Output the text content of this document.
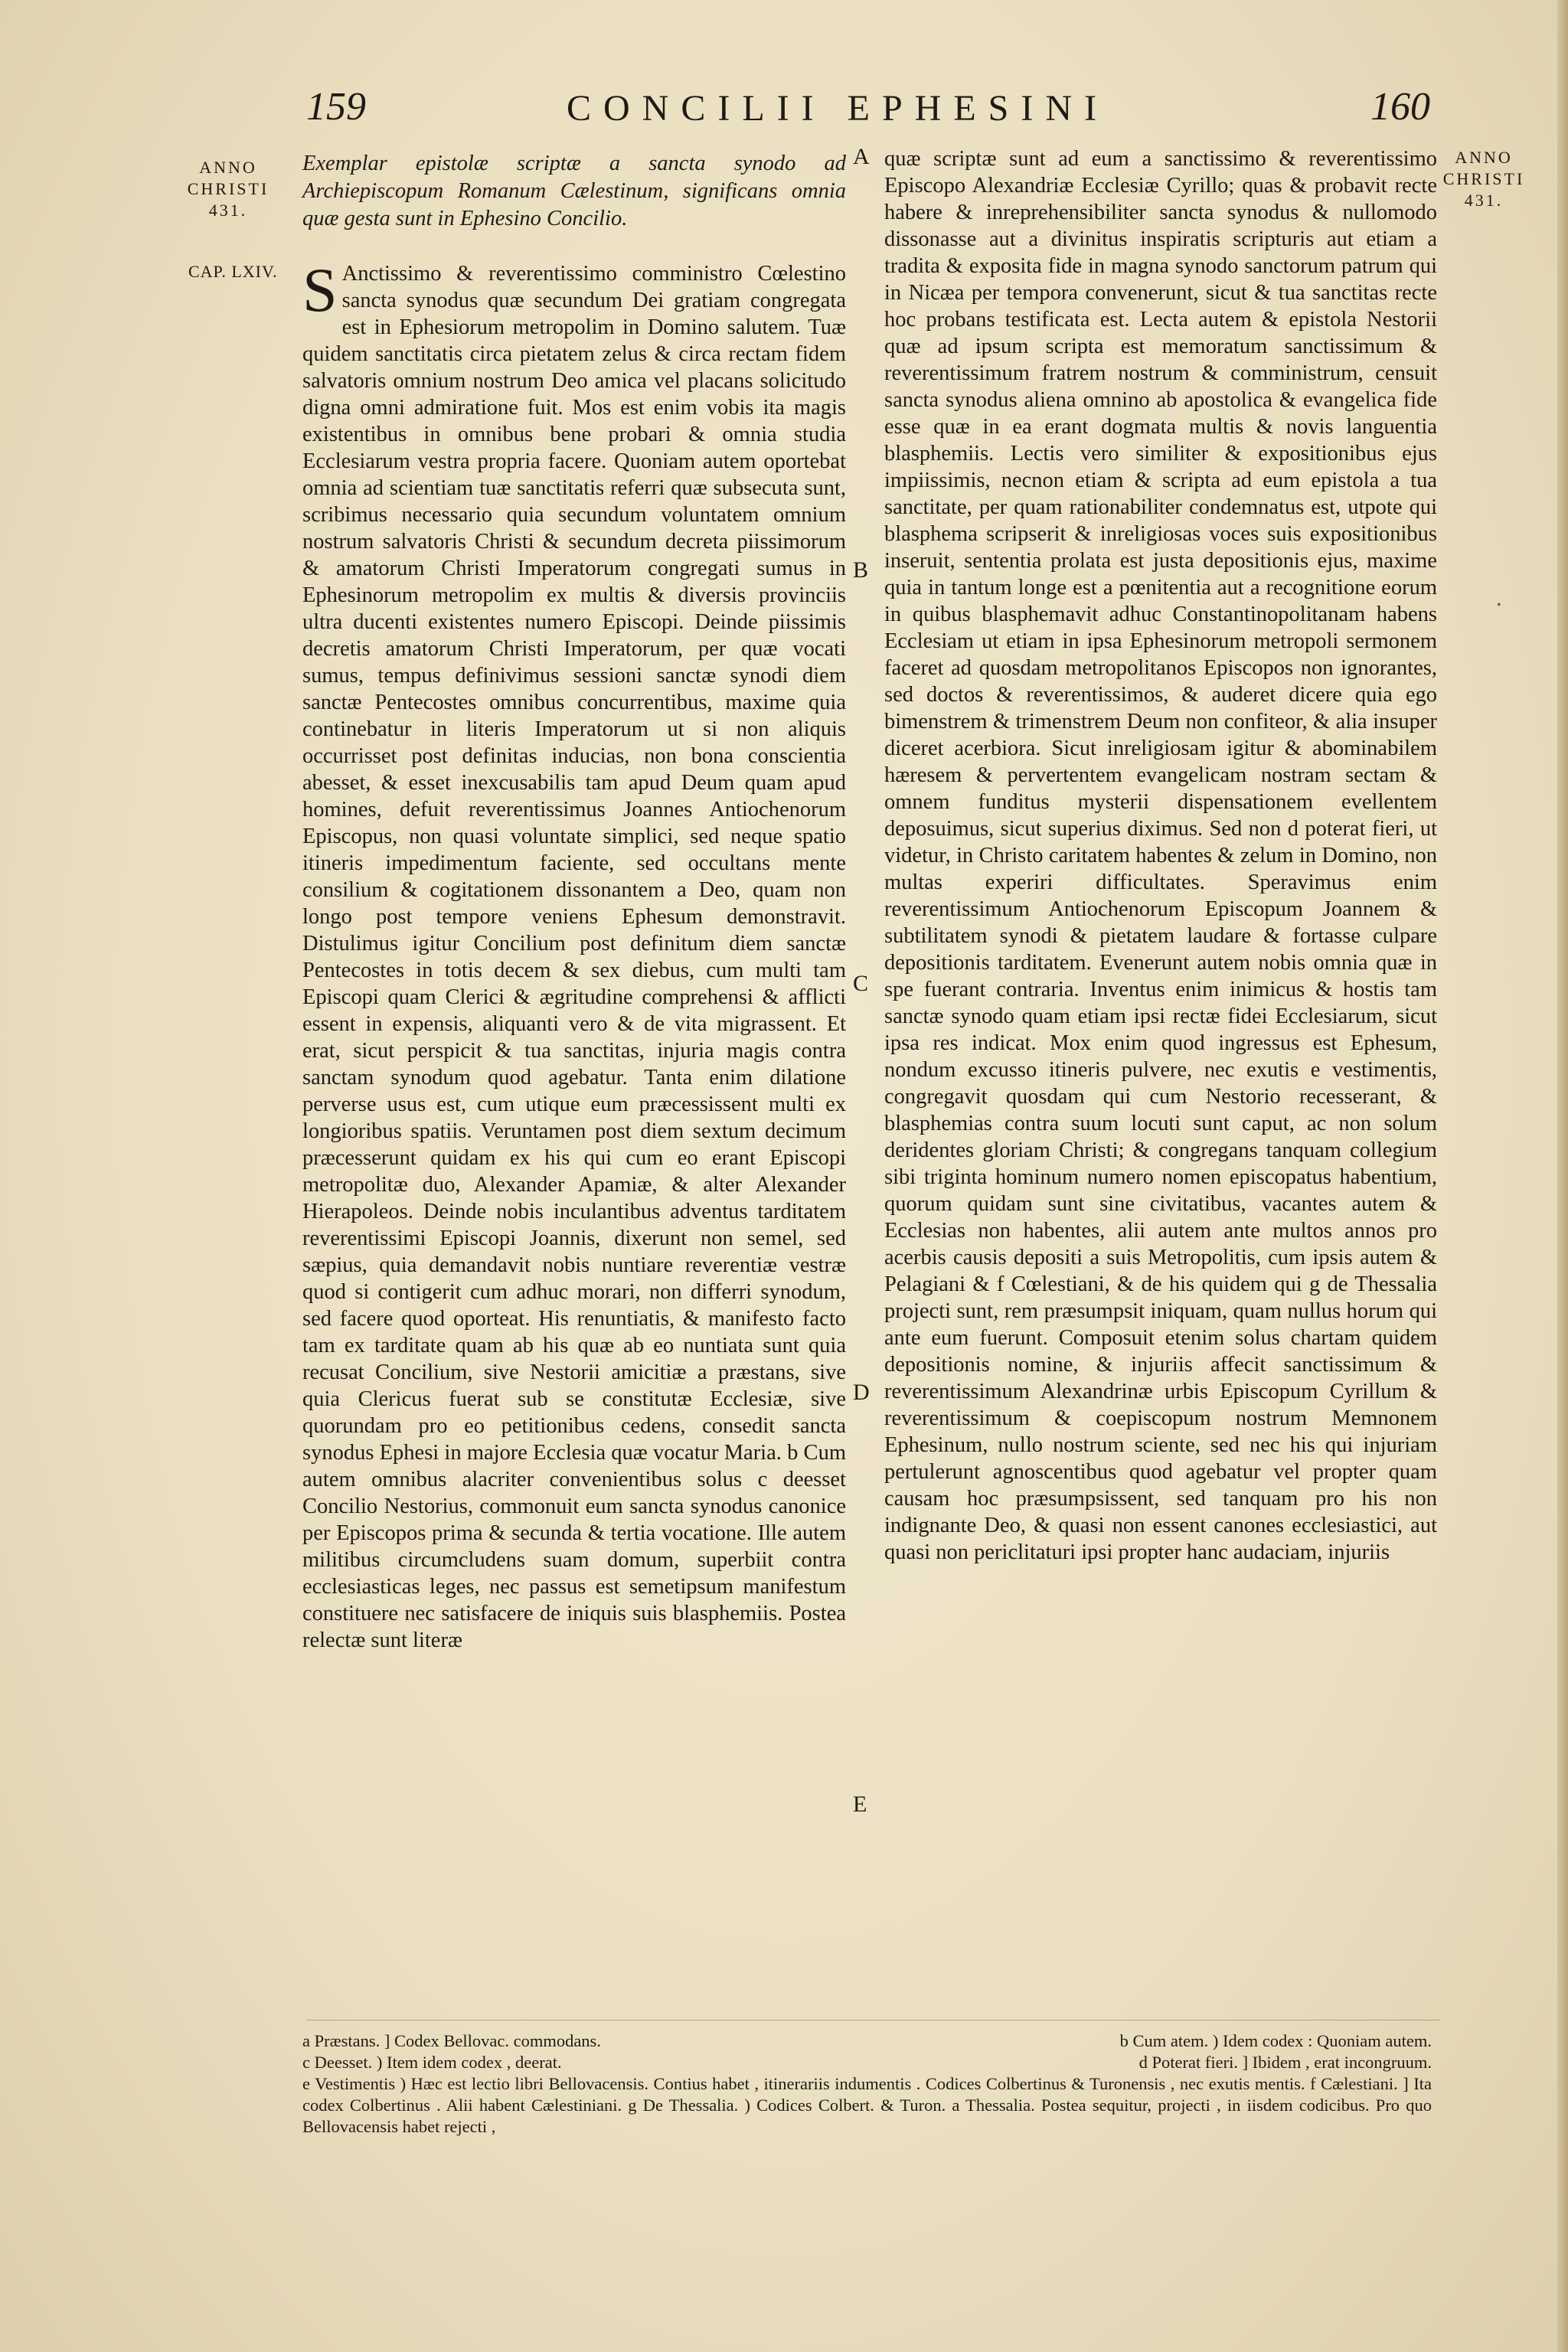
159	CONCILII EPHESINI	160
ANNO
CHRISTI
431.
ANNO
CHRISTI
431.
CAP. LXIV.

Exemplar epistolæ scriptæ a sancta synodo ad Archiepiscopum Romanum Cælestinum, significans omnia quæ gesta sunt in Ephesino Concilio.

S Anctissimo & reverentissimo comministro Cœlestino sancta synodus quæ secundum Dei gratiam congregata est in Ephesiorum metropolim in Domino salutem. Tuæ quidem sanctitatis circa pietatem zelus & circa rectam fidem salvatoris omnium nostrum Deo amica vel placans solicitudo digna omni admiratione fuit. Mos est enim vobis ita magis existentibus in omnibus bene probari & omnia studia Ecclesiarum vestra propria facere. Quoniam autem oportebat omnia ad scientiam tuæ sanctitatis referri quæ subsecuta sunt, scribimus necessario quia secundum voluntatem omnium nostrum salvatoris Christi & secundum decreta piissimorum & amatorum Christi Imperatorum congregati sumus in Ephesinorum metropolim ex multis & diversis provinciis ultra ducenti existentes numero Episcopi. Deinde piissimis decretis amatorum Christi Imperatorum, per quæ vocati sumus, tempus definivimus sessioni sanctæ synodi diem sanctæ Pentecostes omnibus concurrentibus, maxime quia continebatur in literis Imperatorum ut si non aliquis occurrisset post definitas inducias, non bona conscientia abesset, & esset inexcusabilis tam apud Deum quam apud homines, defuit reverentissimus Joannes Antiochenorum Episcopus, non quasi voluntate simplici, sed neque spatio itineris impedimentum faciente, sed occultans mente consilium & cogitationem dissonantem a Deo, quam non longo post tempore veniens Ephesum demonstravit. Distulimus igitur Concilium post definitum diem sanctæ Pentecostes in totis decem & sex diebus, cum multi tam Episcopi quam Clerici & ægritudine comprehensi & afflicti essent in expensis, aliquanti vero & de vita migrassent. Et erat, sicut perspicit & tua sanctitas, injuria magis contra sanctam synodum quod agebatur. Tanta enim dilatione perverse usus est, cum utique eum præcessissent multi ex longioribus spatiis. Veruntamen post diem sextum decimum præcesserunt quidam ex his qui cum eo erant Episcopi metropolitæ duo, Alexander Apamiæ, & alter Alexander Hierapoleos. Deinde nobis inculantibus adventus tarditatem reverentissimi Episcopi Joannis, dixerunt non semel, sed sæpius, quia demandavit nobis nuntiare reverentiæ vestræ quod si contigerit cum adhuc morari, non differri synodum, sed facere quod oporteat. His renuntiatis, & manifesto facto tam ex tarditate quam ab his quæ ab eo nuntiata sunt quia recusat Concilium, sive Nestorii amicitiæ a præstans, sive quia Clericus fuerat sub se constitutæ Ecclesiæ, sive quorundam pro eo petitionibus cedens, consedit sancta synodus Ephesi in majore Ecclesia quæ vocatur Maria. b Cum autem omnibus alacriter convenientibus solus c deesset Concilio Nestorius, commonuit eum sancta synodus canonice per Episcopos prima & secunda & tertia vocatione. Ille autem militibus circumcludens suam domum, superbiit contra ecclesiasticas leges, nec passus est semetipsum manifestum constituere nec satisfacere de iniquis suis blasphemiis. Postea relectæ sunt literæ

A
B
C
D
E

quæ scriptæ sunt ad eum a sanctissimo & reverentissimo Episcopo Alexandriæ Ecclesiæ Cyrillo; quas & probavit recte habere & inreprehensibiliter sancta synodus & nullomodo dissonasse aut a divinitus inspiratis scripturis aut etiam a tradita & exposita fide in magna synodo sanctorum patrum qui in Nicæa per tempora convenerunt, sicut & tua sanctitas recte hoc probans testificata est. Lecta autem & epistola Nestorii quæ ad ipsum scripta est memoratum sanctissimum & reverentissimum fratrem nostrum & comministrum, censuit sancta synodus aliena omnino ab apostolica & evangelica fide esse quæ in ea erant dogmata multis & novis languentia blasphemiis. Lectis vero similiter & expositionibus ejus impiissimis, necnon etiam & scripta ad eum epistola a tua sanctitate, per quam rationabiliter condemnatus est, utpote qui blasphema scripserit & inreligiosas voces suis expositionibus inseruit, sententia prolata est justa depositionis ejus, maxime quia in tantum longe est a pœnitentia aut a recognitione eorum in quibus blasphemavit adhuc Constantinopolitanam habens Ecclesiam ut etiam in ipsa Ephesinorum metropoli sermonem faceret ad quosdam metropolitanos Episcopos non ignorantes, sed doctos & reverentissimos, & auderet dicere quia ego bimenstrem & trimenstrem Deum non confiteor, & alia insuper diceret acerbiora. Sicut inreligiosam igitur & abominabilem hæresem & pervertentem evangelicam nostram sectam & omnem funditus mysterii dispensationem evellentem deposuimus, sicut superius diximus. Sed non d poterat fieri, ut videtur, in Christo caritatem habentes & zelum in Domino, non multas experiri difficultates. Speravimus enim reverentissimum Antiochenorum Episcopum Joannem & subtilitatem synodi & pietatem laudare & fortasse culpare depositionis tarditatem. Evenerunt autem nobis omnia quæ in spe fuerant contraria. Inventus enim inimicus & hostis tam sanctæ synodo quam etiam ipsi rectæ fidei Ecclesiarum, sicut ipsa res indicat. Mox enim quod ingressus est Ephesum, nondum excusso itineris pulvere, nec exutis e vestimentis, congregavit quosdam qui cum Nestorio recesserant, & blasphemias contra suum locuti sunt caput, ac non solum deridentes gloriam Christi; & congregans tanquam collegium sibi triginta hominum numero nomen episcopatus habentium, quorum quidam sunt sine civitatibus, vacantes autem & Ecclesias non habentes, alii autem ante multos annos pro acerbis causis depositi a suis Metropolitis, cum ipsis autem & Pelagiani & f Cœlestiani, & de his quidem qui g de Thessalia projecti sunt, rem præsumpsit iniquam, quam nullus horum qui ante eum fuerunt. Composuit etenim solus chartam quidem depositionis nomine, & injuriis affecit sanctissimum & reverentissimum Alexandrinæ urbis Episcopum Cyrillum & reverentissimum & coepiscopum nostrum Memnonem Ephesinum, nullo nostrum sciente, sed nec his qui injuriam pertulerunt agnoscentibus quod agebatur vel propter quam causam hoc præsumpsissent, sed tanquam pro his non indignante Deo, & quasi non essent canones ecclesiastici, aut quasi non periclitaturi ipsi propter hanc audaciam, injuriis

•
a Præstans. ] Codex Bellovac. commodans.	b Cum atem. ) Idem codex : Quoniam autem.
c Deesset. ) Item idem codex , deerat.	d Poterat fieri. ] Ibidem , erat incongruum.

e Vestimentis ) Hæc est lectio libri Bellovacensis. Contius habet , itinerariis indumentis . Codices Colbertinus & Turonensis , nec exutis mentis. f Cælestiani. ] Ita codex Colbertinus . Alii habent Cælestiniani. g De Thessalia. ) Codices Colbert. & Turon. a Thessalia. Postea sequitur, projecti , in iisdem codicibus. Pro quo Bellovacensis habet rejecti ,
